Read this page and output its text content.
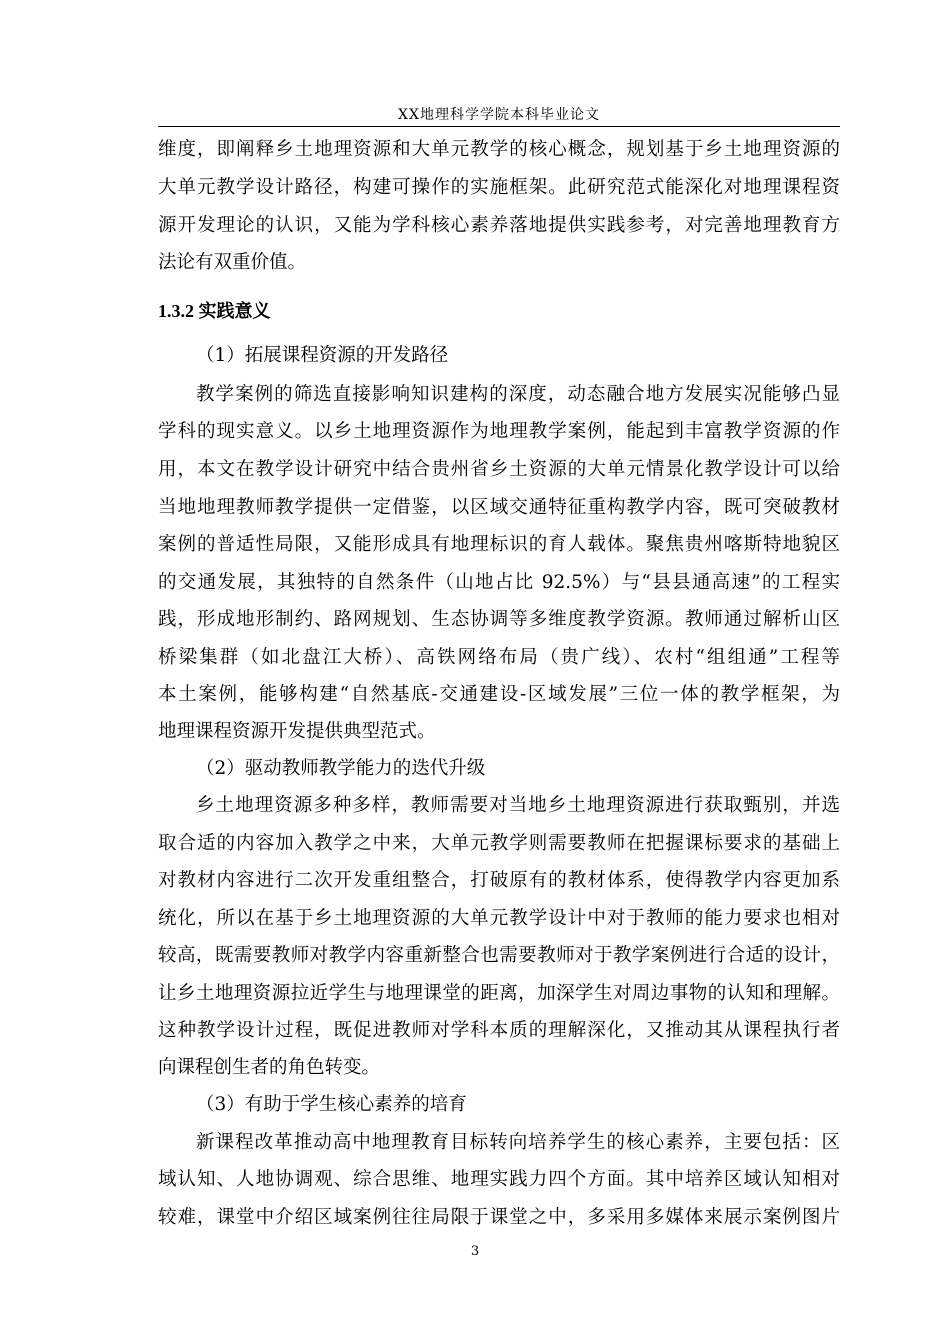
XX地理科学学院本科毕业论文
维度，即阐释乡土地理资源和大单元教学的核心概念，规划基于乡土地理资源的
大单元教学设计路径，构建可操作的实施框架。此研究范式能深化对地理课程资
源开发理论的认识，又能为学科核心素养落地提供实践参考，对完善地理教育方
法论有双重价值。
1.3.2 实践意义
（1）拓展课程资源的开发路径
教学案例的筛选直接影响知识建构的深度，动态融合地方发展实况能够凸显
学科的现实意义。以乡土地理资源作为地理教学案例，能起到丰富教学资源的作
用，本文在教学设计研究中结合贵州省乡土资源的大单元情景化教学设计可以给
当地地理教师教学提供一定借鉴，以区域交通特征重构教学内容，既可突破教材
案例的普适性局限，又能形成具有地理标识的育人载体。聚焦贵州喀斯特地貌区
的交通发展，其独特的自然条件（山地占比 92.5%）与“县县通高速”的工程实
践，形成地形制约、路网规划、生态协调等多维度教学资源。教师通过解析山区
桥梁集群（如北盘江大桥）、高铁网络布局（贵广线）、农村“组组通”工程等
本土案例，能够构建“自然基底-交通建设-区域发展”三位一体的教学框架，为
地理课程资源开发提供典型范式。
（2）驱动教师教学能力的迭代升级
乡土地理资源多种多样，教师需要对当地乡土地理资源进行获取甄别，并选
取合适的内容加入教学之中来，大单元教学则需要教师在把握课标要求的基础上
对教材内容进行二次开发重组整合，打破原有的教材体系，使得教学内容更加系
统化，所以在基于乡土地理资源的大单元教学设计中对于教师的能力要求也相对
较高，既需要教师对教学内容重新整合也需要教师对于教学案例进行合适的设计，
让乡土地理资源拉近学生与地理课堂的距离，加深学生对周边事物的认知和理解。
这种教学设计过程，既促进教师对学科本质的理解深化，又推动其从课程执行者
向课程创生者的角色转变。
（3）有助于学生核心素养的培育
新课程改革推动高中地理教育目标转向培养学生的核心素养，主要包括：区
域认知、人地协调观、综合思维、地理实践力四个方面。其中培养区域认知相对
较难，课堂中介绍区域案例往往局限于课堂之中，多采用多媒体来展示案例图片
3
